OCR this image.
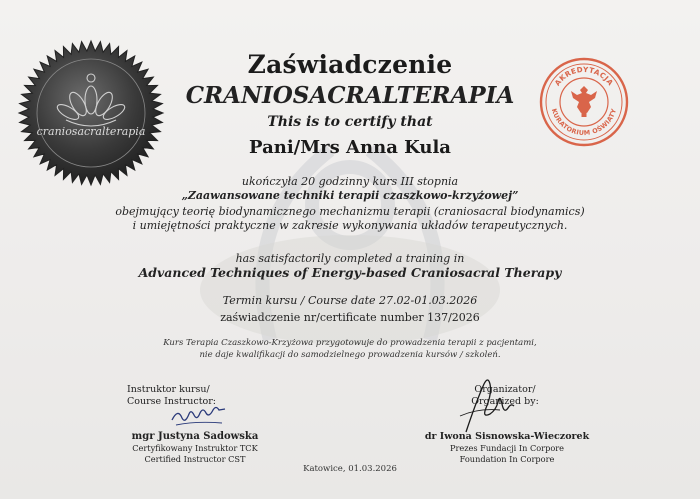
craniosacralterapia
AKREDYTACJA
KURATORIUM OŚWIATY
Zaświadczenie
CRANIOSACRALTERAPIA
This is to certify that
Pani/Mrs Anna Kula
ukończyła 20 godzinny kurs III stopnia
„Zaawansowane techniki terapii czaszkowo-krzyżowej”
obejmujący teorię biodynamicznego mechanizmu terapii (craniosacral biodynamics)
i umiejętności praktyczne w zakresie wykonywania układów terapeutycznych.
has satisfactorily completed a training in
Advanced Techniques of Energy-based Craniosacral Therapy
Termin kursu / Course date 27.02-01.03.2026
zaświadczenie nr/certificate number 137/2026
Kurs Terapia Czaszkowo-Krzyżowa przygotowuje do prowadzenia terapii z pacjentami,
nie daje kwalifikacji do samodzielnego prowadzenia kursów / szkoleń.
Instruktor kursu/
Course Instructor:
mgr Justyna Sadowska
Certyfikowany Instruktor TCK
Certified Instructor CST
Organizator/
Organized by:
dr Iwona Sisnowska-Wieczorek
Prezes Fundacji In Corpore
Foundation In Corpore
Katowice, 01.03.2026
